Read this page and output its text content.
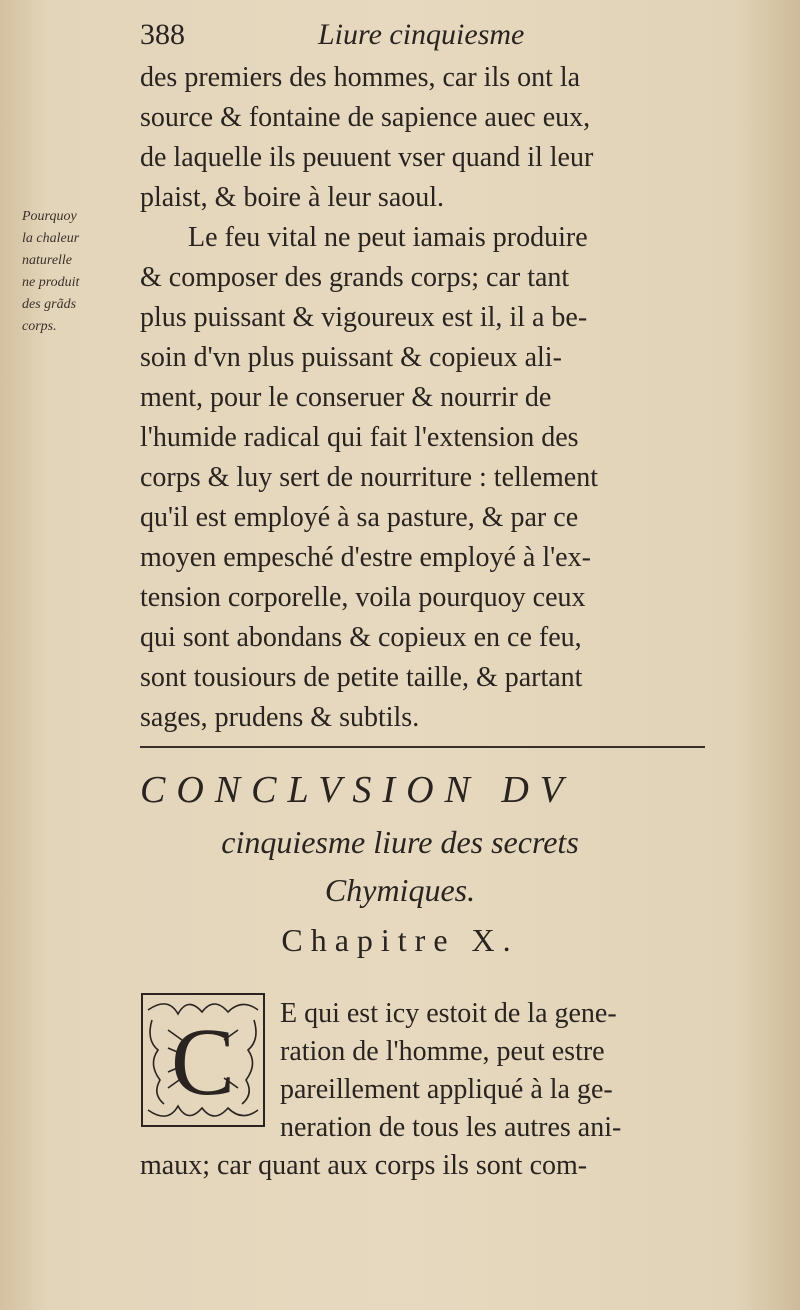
388	Liure cinquiesme
des premiers des hommes, car ils ont la
source & fontaine de sapience auec eux,
de laquelle ils peuuent vser quand il leur
plaist, & boire à leur saoul.
Le feu vital ne peut iamais produire
& composer des grands corps; car tant
plus puissant & vigoureux est il, il a be-
soin d'vn plus puissant & copieux ali-
ment, pour le conseruer & nourrir de
l'humide radical qui fait l'extension des
corps & luy sert de nourriture : tellement
qu'il est employé à sa pasture, & par ce
moyen empesché d'estre employé à l'ex-
tension corporelle, voila pourquoy ceux
qui sont abondans & copieux en ce feu,
sont tousiours de petite taille, & partant
sages, prudens & subtils.
Pourquoy
la chaleur
naturelle
ne produit
des grãds
corps.
CONCLVSION DV
cinquiesme liure des secrets
Chymiques.
Chapitre X.
C E qui est icy estoit de la gene-
ration de l'homme, peut estre
pareillement appliqué à la ge-
neration de tous les autres ani-
maux; car quant aux corps ils sont com-
